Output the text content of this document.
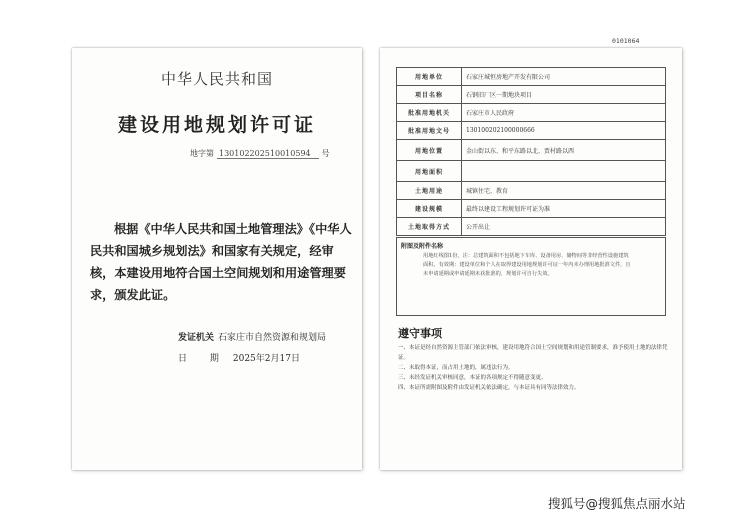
中华人民共和国
建设用地规划许可证
地字第 130102202510010594 号
根据《中华人民共和国土地管理法》《中华人民共和国城乡规划法》和国家有关规定，经审核，本建设用地符合国土空间规划和用途管理要求，颁发此证。
发证机关 石家庄市自然资源和规划局
日 期 2025年2月17日
0101064
用地单位	石家庄城恒房地产开发有限公司
项目名称	石钢旧厂区一期地块项目
批准用地机关	石家庄市人民政府
批准用地文号	130100202100000666
用地位置	金山街以东、和平东路以北、贾村路以西
用地面积	
土地用途	城镇住宅、教育
建设规模	最终以建设工程规划许可证为准
土地取得方式	公开出让
附图及附件名称
用地红线图1份，注：总建筑面积不包括地下车库、设备用房、储物间等非经营性设施建筑面积，有效期：建设单位和个人在取得建设用地规划许可证一年内未办理用地批准文件，且未申请延期或申请延期未获批准的，规划许可自行失效。
遵守事项
一、本证是经自然资源主管部门依法审核，建设用地符合国土空间规划和用途管制要求，准予使用土地的法律凭证。
二、未取得本证，而占用土地的，属违法行为。
三、未经发证机关审核同意，本证的各项规定不得随意变更。
四、本证所需附图及附件由发证机关依法确定，与本证具有同等法律效力。
搜狐号@搜狐焦点丽水站
